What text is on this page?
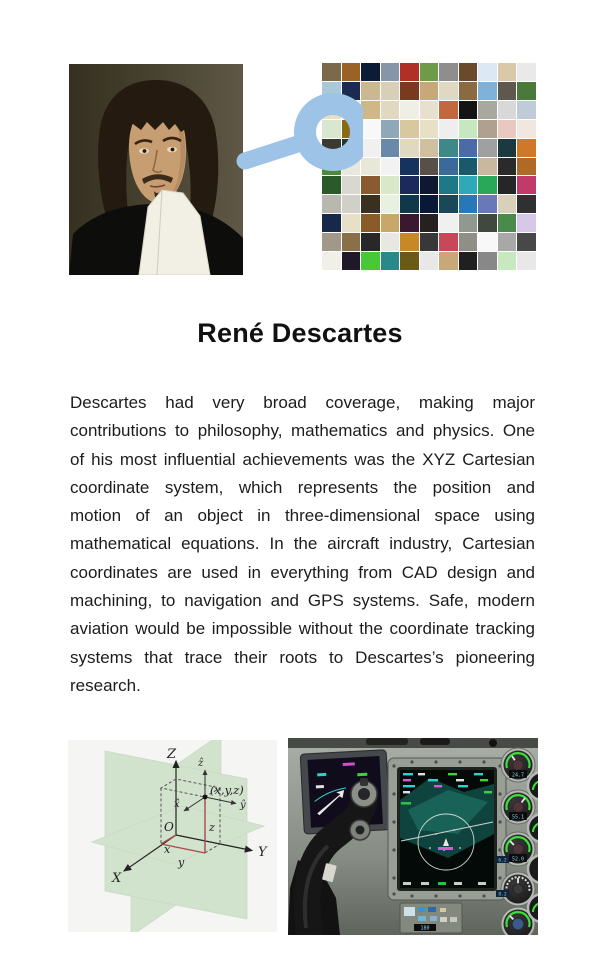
René Descartes
Descartes had very broad coverage, making major contributions to philosophy, mathematics and physics. One of his most influential achievements was the XYZ Cartesian coordinate system, which represents the position and motion of an object in three-dimensional space using mathematical equations. In the aircraft industry, Cartesian coordinates are used in everything from CAD design and machining, to navigation and GPS systems. Safe, modern aviation would be impossible without the coordinate tracking systems that trace their roots to Descartes’s pioneering research.
Z
Y
X
O
x
y
z
(x,y,z)
ẑ
ŷ
x̂
180
24.7
55.1
52.0
6.2
8.2
